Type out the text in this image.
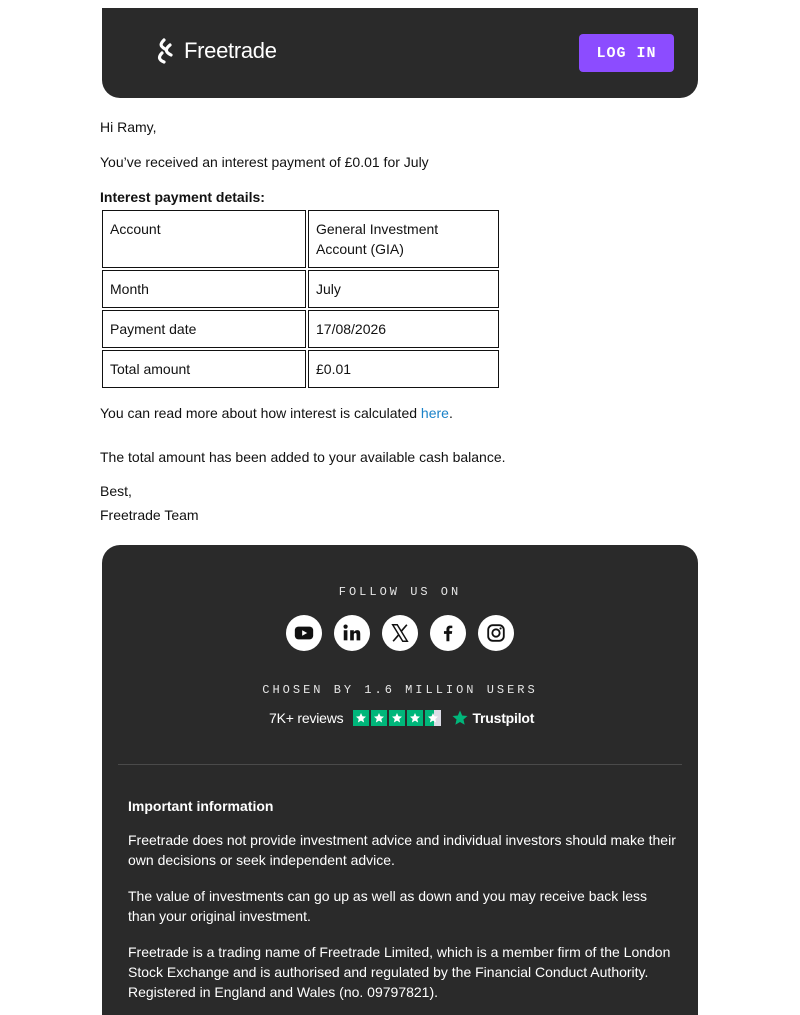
Freetrade	LOG IN
Hi Ramy,
You’ve received an interest payment of £0.01 for July
Interest payment details:
Account	General Investment Account (GIA)
Month	July
Payment date	17/08/2026
Total amount	£0.01
You can read more about how interest is calculated here.
The total amount has been added to your available cash balance.
Best,
Freetrade Team
FOLLOW US ON
CHOSEN BY 1.6 MILLION USERS
7K+ reviews	Trustpilot
Important information
Freetrade does not provide investment advice and individual investors should make their own decisions or seek independent advice.
The value of investments can go up as well as down and you may receive back less than your original investment.
Freetrade is a trading name of Freetrade Limited, which is a member firm of the London Stock Exchange and is authorised and regulated by the Financial Conduct Authority. Registered in England and Wales (no. 09797821).
